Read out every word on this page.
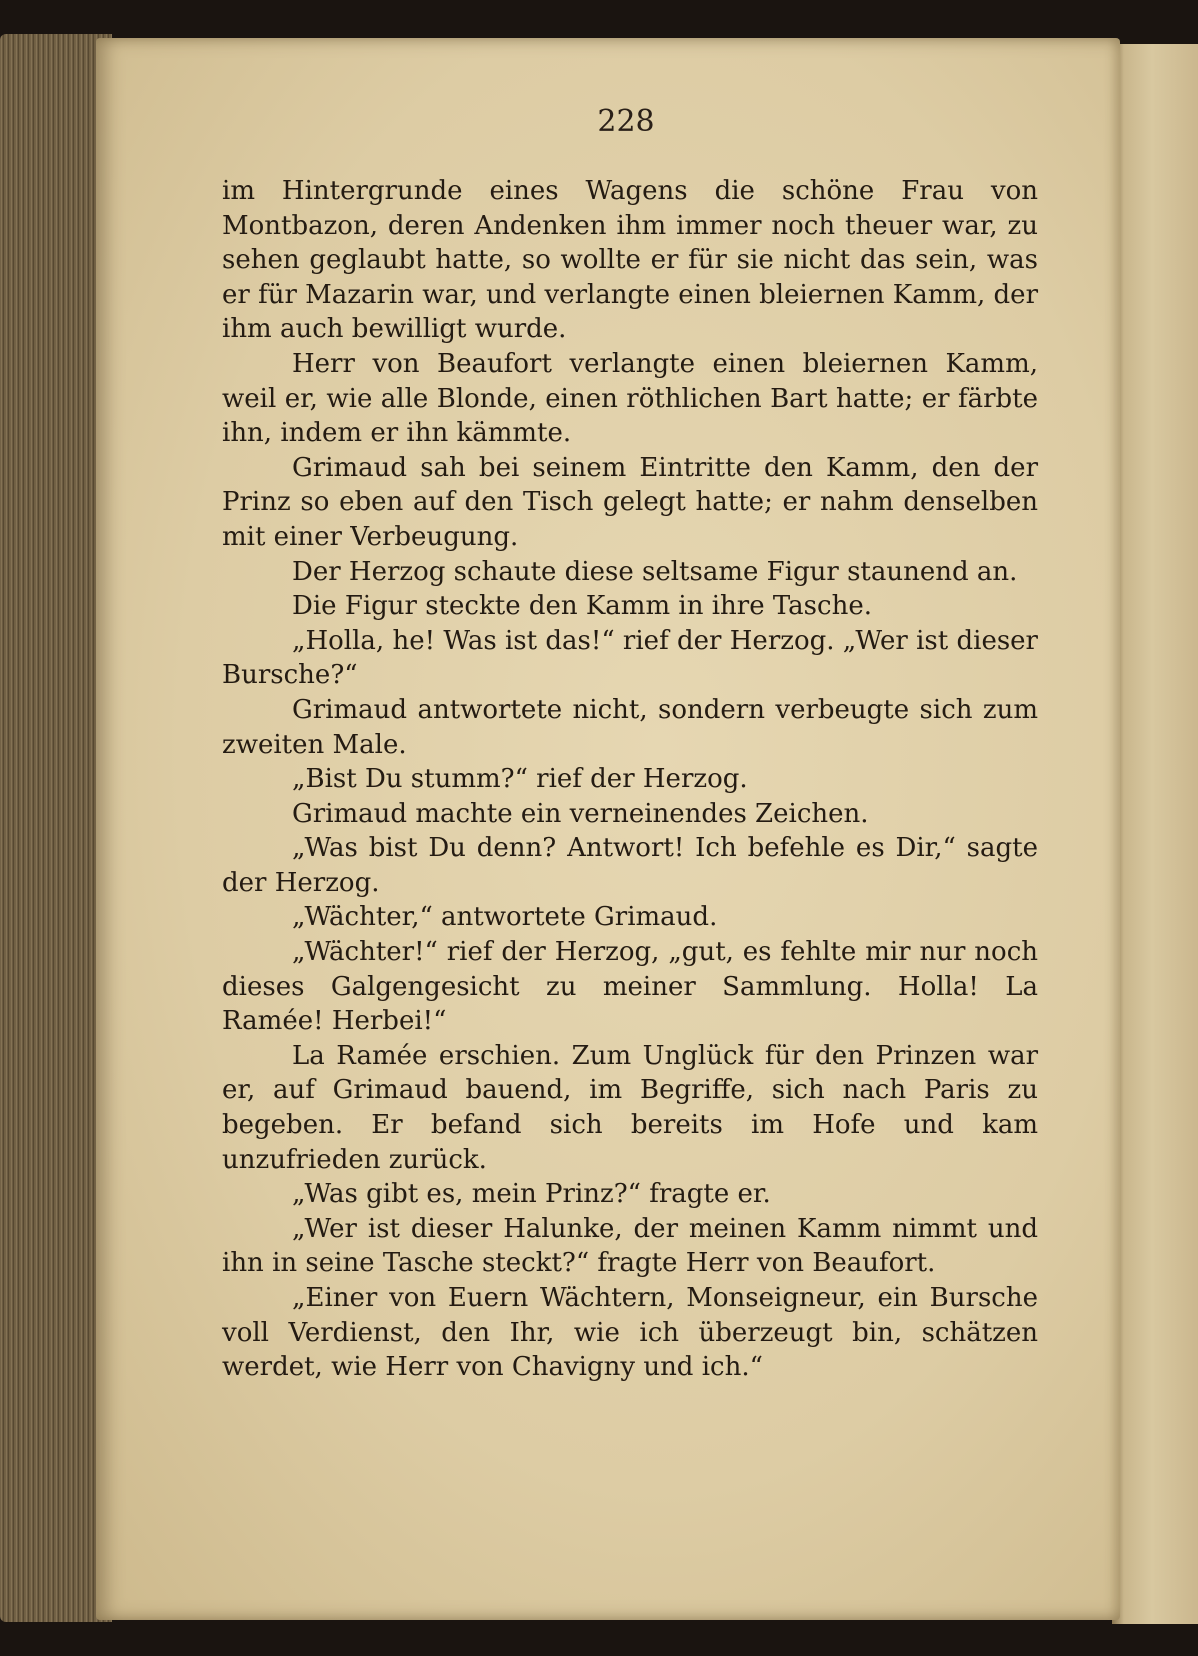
228

im Hintergrunde eines Wagens die schöne Frau von Montbazon, deren Andenken ihm immer noch theuer war, zu sehen geglaubt hatte, so wollte er für sie nicht das sein, was er für Mazarin war, und verlangte einen bleiernen Kamm, der ihm auch bewilligt wurde.

Herr von Beaufort verlangte einen bleiernen Kamm, weil er, wie alle Blonde, einen röthlichen Bart hatte; er färbte ihn, indem er ihn kämmte.

Grimaud sah bei seinem Eintritte den Kamm, den der Prinz so eben auf den Tisch gelegt hatte; er nahm denselben mit einer Verbeugung.

Der Herzog schaute diese seltsame Figur staunend an.

Die Figur steckte den Kamm in ihre Tasche.

„Holla, he! Was ist das!“ rief der Herzog. „Wer ist dieser Bursche?“

Grimaud antwortete nicht, sondern verbeugte sich zum zweiten Male.

„Bist Du stumm?“ rief der Herzog.

Grimaud machte ein verneinendes Zeichen.

„Was bist Du denn? Antwort! Ich befehle es Dir,“ sagte der Herzog.

„Wächter,“ antwortete Grimaud.

„Wächter!“ rief der Herzog, „gut, es fehlte mir nur noch dieses Galgengesicht zu meiner Sammlung. Holla! La Ramée! Herbei!“

La Ramée erschien. Zum Unglück für den Prinzen war er, auf Grimaud bauend, im Begriffe, sich nach Paris zu begeben. Er befand sich bereits im Hofe und kam unzufrieden zurück.

„Was gibt es, mein Prinz?“ fragte er.

„Wer ist dieser Halunke, der meinen Kamm nimmt und ihn in seine Tasche steckt?“ fragte Herr von Beaufort.

„Einer von Euern Wächtern, Monseigneur, ein Bursche voll Verdienst, den Ihr, wie ich überzeugt bin, schätzen werdet, wie Herr von Chavigny und ich.“
